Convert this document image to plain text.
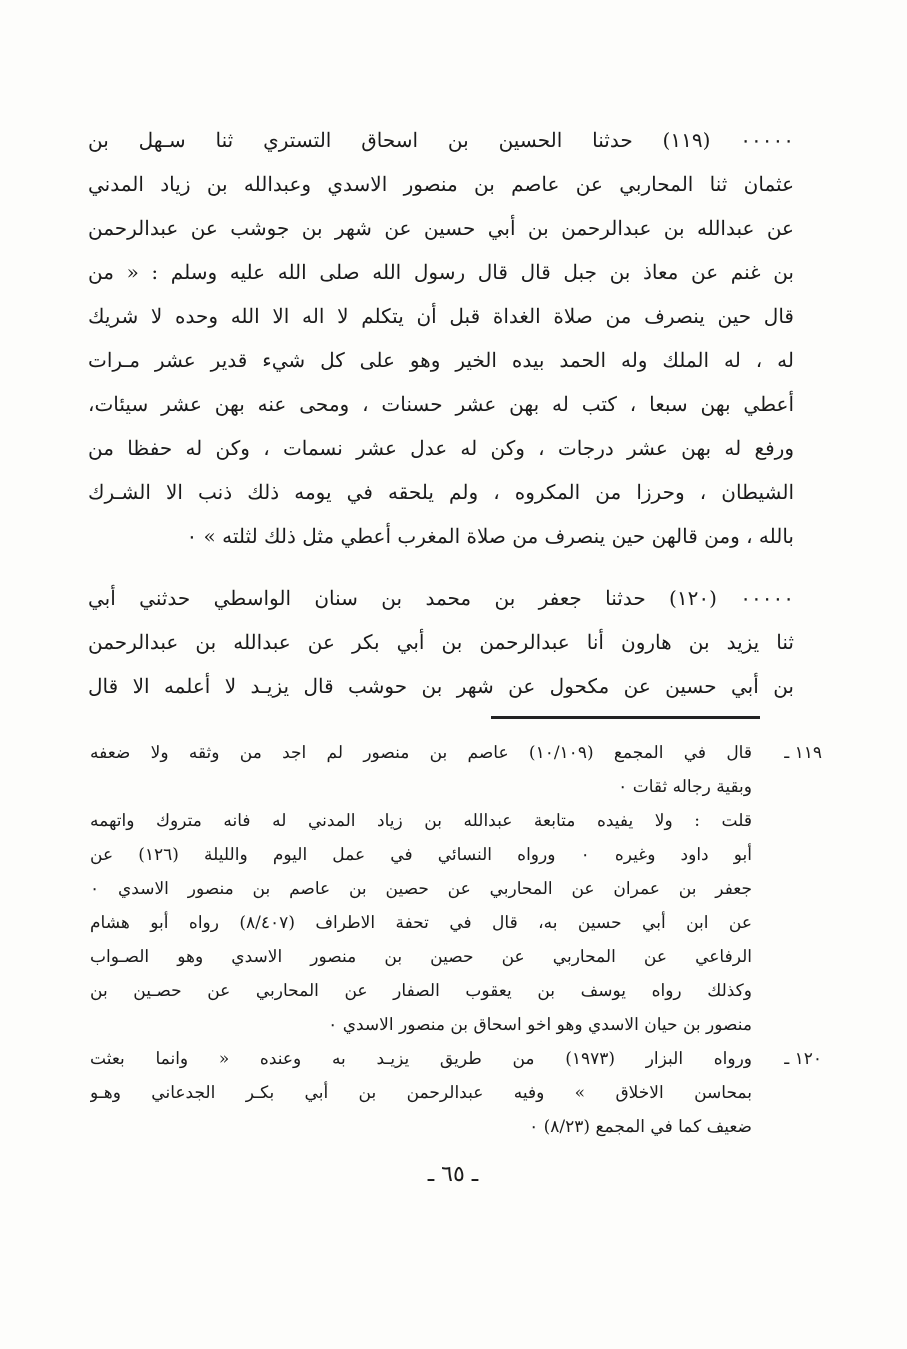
٠٠٠٠٠ (١١٩) حدثنا الحسين بن اسحاق التستري ثنا سـهل بن
عثمان ثنا المحاربي عن عاصم بن منصور الاسدي وعبدالله بن زياد المدني
عن عبدالله بن عبدالرحمن بن أبي حسين عن شهر بن جوشب عن عبدالرحمن
بن غنم عن معاذ بن جبل قال قال رسول الله صلى الله عليه وسلم : « من
قال حين ينصرف من صلاة الغداة قبل أن يتكلم لا اله الا الله وحده لا شريك
له ، له الملك وله الحمد بيده الخير وهو على كل شيء قدير عشر مـرات
أعطي بهن سبعا ، كتب له بهن عشر حسنات ، ومحى عنه بهن عشر سيئات،
ورفع له بهن عشر درجات ، وكن له عدل عشر نسمات ، وكن له حفظا من
الشيطان ، وحرزا من المكروه ، ولم يلحقه في يومه ذلك ذنب الا الشـرك
بالله ، ومن قالهن حين ينصرف من صلاة المغرب أعطي مثل ذلك لثلته » ٠
٠٠٠٠٠ (١٢٠) حدثنا جعفر بن محمد بن سنان الواسطي حدثني أبي
ثنا يزيد بن هارون أنا عبدالرحمن بن أبي بكر عن عبدالله بن عبدالرحمن
بن أبي حسين عن مكحول عن شهر بن حوشب قال يزيـد لا أعلمه الا قال
١١٩ ـ
قال في المجمع (١٠/١٠٩) عاصم بن منصور لم اجد من وثقه ولا ضعفه
وبقية رجاله ثقات ٠
قلت : ولا يفيده متابعة عبدالله بن زياد المدني له فانه متروك واتهمه
أبو داود وغيره ٠ ورواه النسائي في عمل اليوم والليلة (١٢٦) عن
جعفر بن عمران عن المحاربي عن حصين بن عاصم بن منصور الاسدي ٠
عن ابن أبي حسين به، قال في تحفة الاطراف (٨/٤٠٧) رواه أبو هشام
الرفاعي عن المحاربي عن حصين بن منصور الاسدي وهو الصـواب
وكذلك رواه يوسف بن يعقوب الصفار عن المحاربي عن حصـين بن
منصور بن حيان الاسدي وهو اخو اسحاق بن منصور الاسدي ٠
١٢٠ ـ
ورواه البزار (١٩٧٣) من طريق يزيـد به وعنده « وانما بعثت
بمحاسن الاخلاق » وفيه عبدالرحمن بن أبي بكـر الجدعاني وهـو
ضعيف كما في المجمع (٨/٢٣) ٠
ـ ٦٥ ـ
